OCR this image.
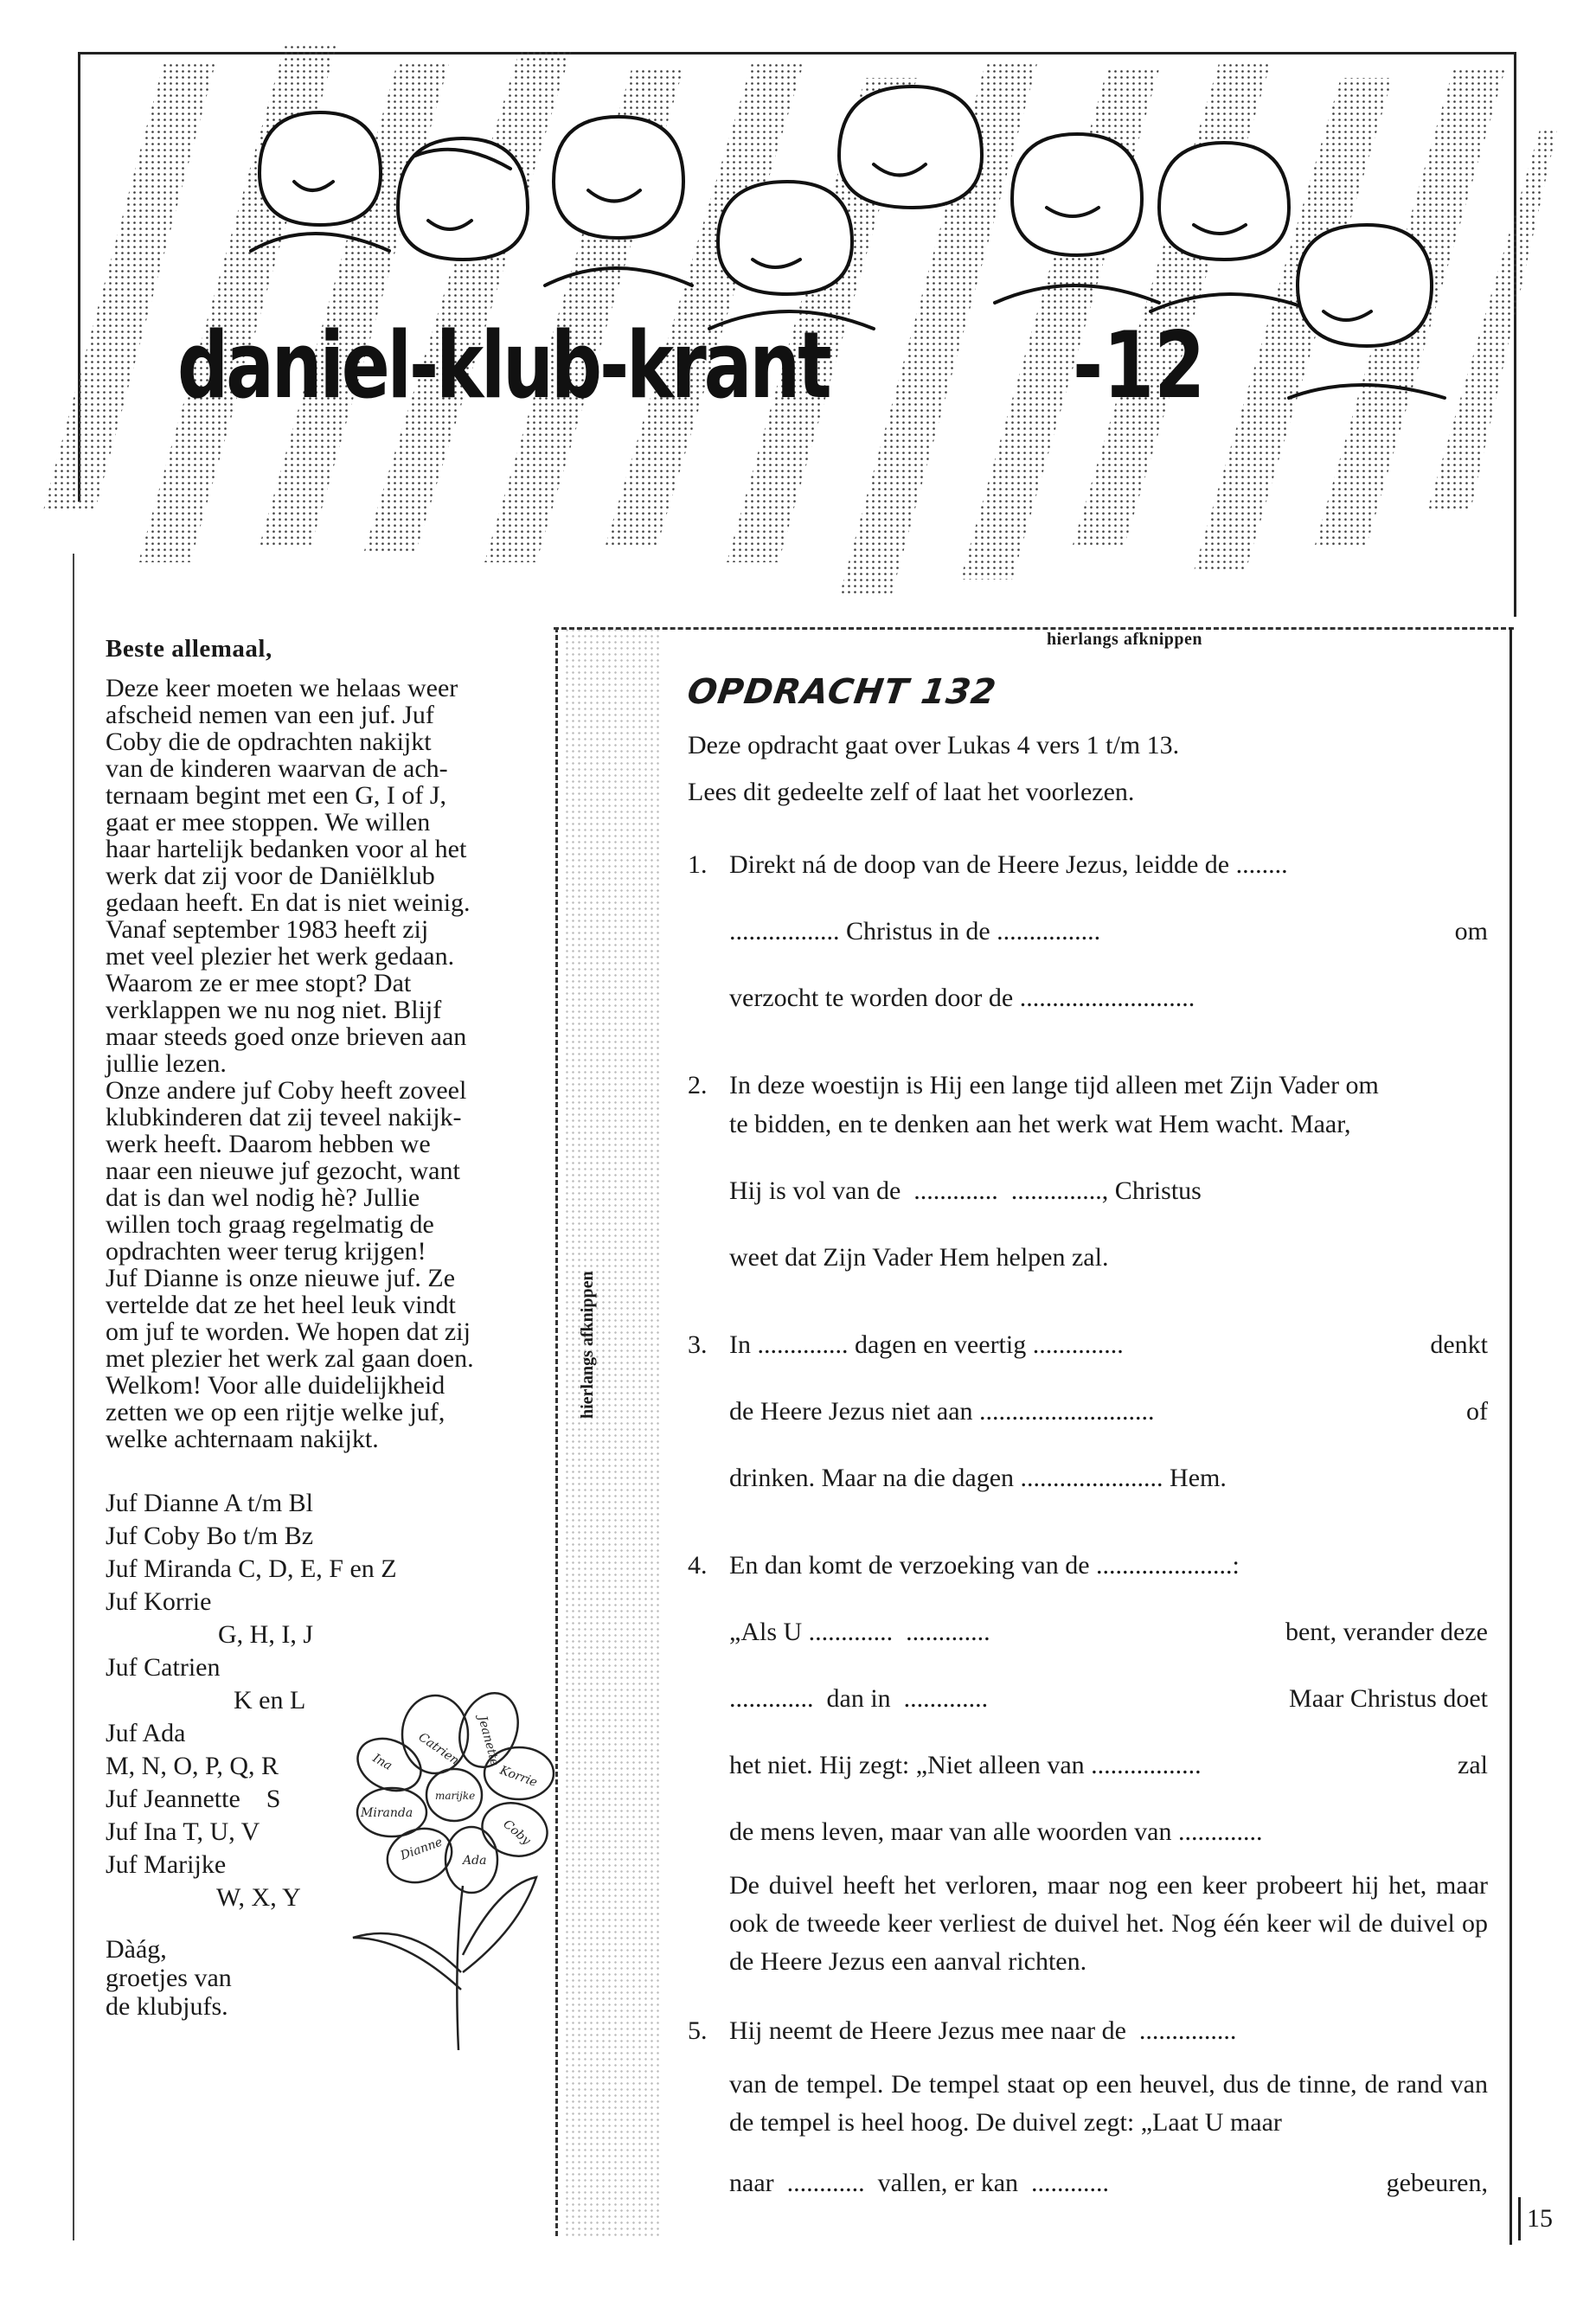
daniel-klub-krant	-12
hierlangs afknippen
hierlangs afknippen
15
Beste allemaal,

Deze keer moeten we helaas weer

afscheid nemen van een juf. Juf

Coby die de opdrachten nakijkt

van de kinderen waarvan de ach-

ternaam begint met een G, I of J,

gaat er mee stoppen. We willen

haar hartelijk bedanken voor al het

werk dat zij voor de Daniëlklub

gedaan heeft. En dat is niet weinig.

Vanaf september 1983 heeft zij

met veel plezier het werk gedaan.

Waarom ze er mee stopt? Dat

verklappen we nu nog niet. Blijf

maar steeds goed onze brieven aan

jullie lezen.

Onze andere juf Coby heeft zoveel

klubkinderen dat zij teveel nakijk-

werk heeft. Daarom hebben we

naar een nieuwe juf gezocht, want

dat is dan wel nodig hè? Jullie

willen toch graag regelmatig de

opdrachten weer terug krijgen!

Juf Dianne is onze nieuwe juf. Ze

vertelde dat ze het heel leuk vindt

om juf te worden. We hopen dat zij

met plezier het werk zal gaan doen.

Welkom! Voor alle duidelijkheid

zetten we op een rijtje welke juf,

welke achternaam nakijkt.

Juf Dianne A t/m Bl
Juf Coby Bo t/m Bz
Juf Miranda C, D, E, F en Z
Juf Korrie
G, H, I, J
Juf Catrien
K en L
Juf Ada
M, N, O, P, Q, R
Juf Jeannette    S
Juf Ina T, U, V
Juf Marijke
W, X, Y
Dàág,
groetjes van
de klubjufs.
Catrien Jeanette
Korrie
Coby
Ada
Dianne
Miranda
Ina
marijke
OPDRACHT 132
Deze opdracht gaat over Lukas 4 vers 1 t/m 13.
Lees dit gedeelte zelf of laat het voorlezen.
1. Direkt ná de doop van de Heere Jezus, leidde de ........
................. Christus in de ................	om
verzocht te worden door de ...........................
2. In deze woestijn is Hij een lange tijd alleen met Zijn Vader om
te bidden, en te denken aan het werk wat Hem wacht. Maar,
Hij is vol van de  .............  .............., Christus
weet dat Zijn Vader Hem helpen zal.
3. In .............. dagen en veertig ..............	denkt
de Heere Jezus niet aan ...........................	of
drinken. Maar na die dagen ...................... Hem.
4. En dan komt de verzoeking van de .....................:
„Als U .............  .............	bent, verander deze
.............  dan in  .............	Maar Christus doet
het niet. Hij zegt: „Niet alleen van .................	zal
de mens leven, maar van alle woorden van .............
De duivel heeft het verloren, maar nog een keer probeert hij het, maar ook de tweede keer verliest de duivel het. Nog één keer wil de duivel op de Heere Jezus een aanval richten.
5. Hij neemt de Heere Jezus mee naar de  ...............
van de tempel. De tempel staat op een heuvel, dus de tinne, de rand van de tempel is heel hoog. De duivel zegt: „Laat U maar
naar  ............  vallen, er kan  ............	gebeuren,
